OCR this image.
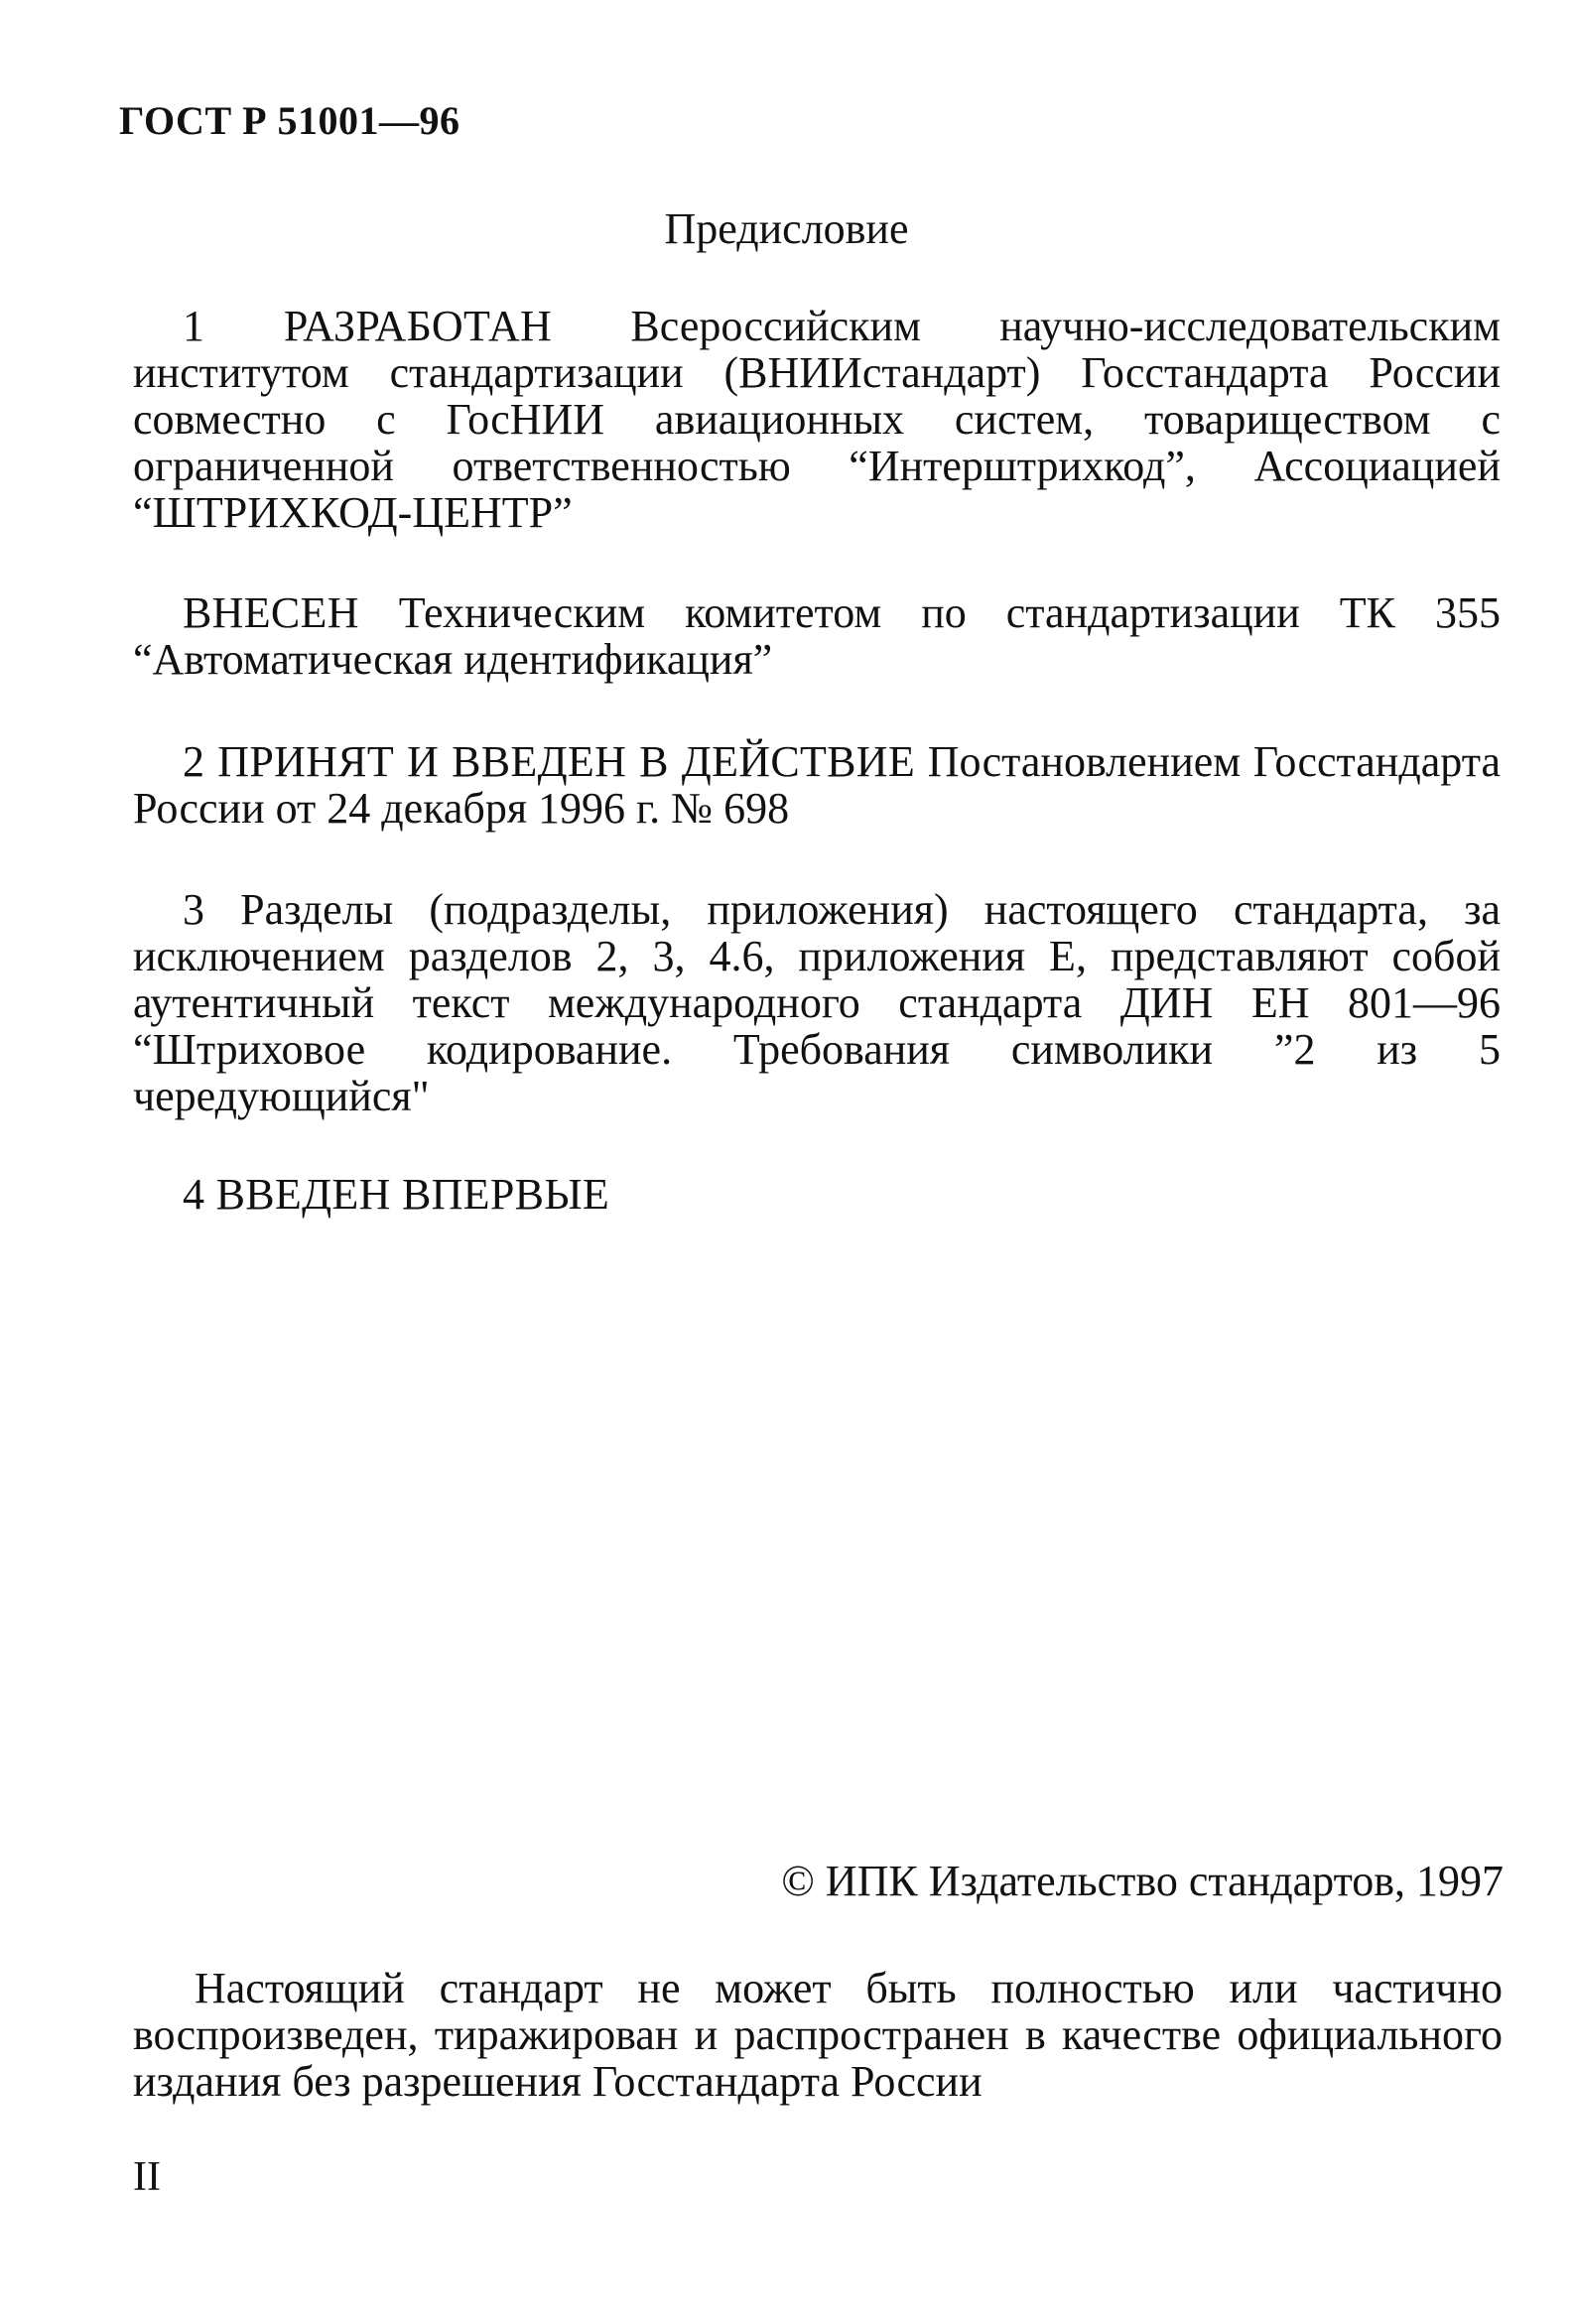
ГОСТ Р 51001—96
Предисловие

1 РАЗРАБОТАН Всероссийским научно-исследовательским институтом стандартизации (ВНИИстандарт) Госстандарта России совместно с ГосНИИ авиационных систем, товариществом с ограниченной ответственностью “Интерштрихкод”, Ассоциацией “ШТРИХКОД-ЦЕНТР”

ВНЕСЕН Техническим комитетом по стандартизации ТК 355 “Автоматическая идентификация”

2 ПРИНЯТ И ВВЕДЕН В ДЕЙСТВИЕ Постановлением Госстандарта России от 24 декабря 1996 г. № 698

3 Разделы (подразделы, приложения) настоящего стандарта, за исключением разделов 2, 3, 4.6, приложения Е, представляют собой аутентичный текст международного стандарта ДИН ЕН 801—96 “Штриховое кодирование. Требования символики ”2 из 5 чередующийся"

4 ВВЕДЕН ВПЕРВЫЕ

© ИПК Издательство стандартов, 1997

Настоящий стандарт не может быть полностью или частично воспроизведен, тиражирован и распространен в качестве официального издания без разрешения Госстандарта России

II
